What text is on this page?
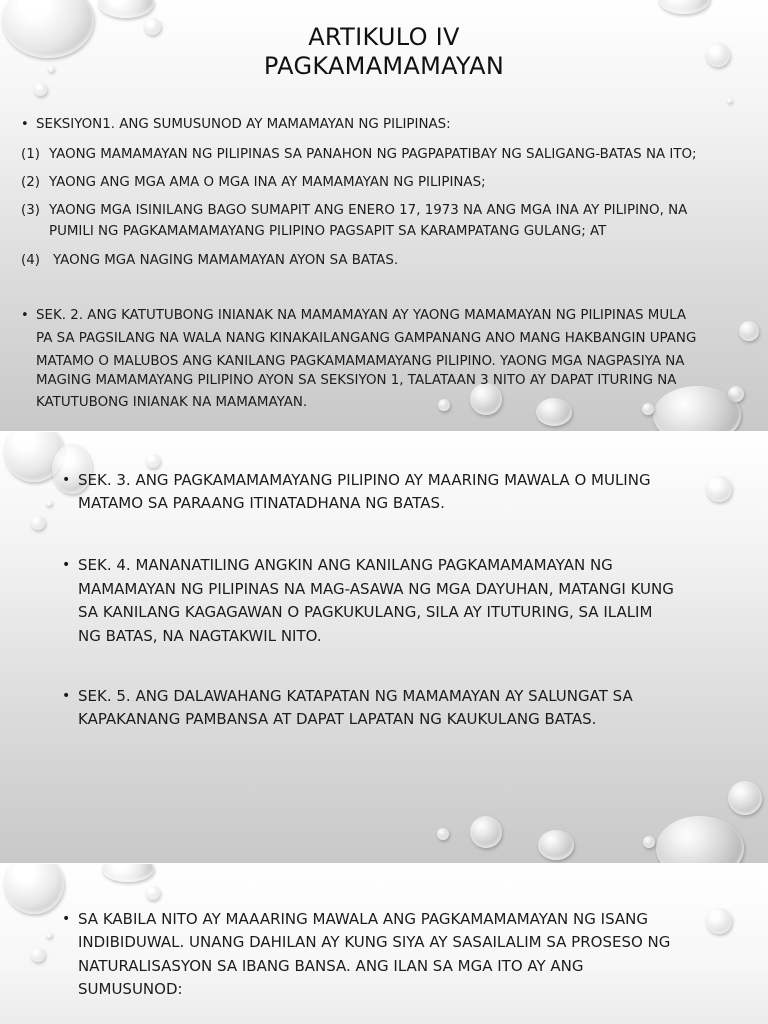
ARTIKULO IV
PAGKAMAMAMAYAN
• SEKSIYON1. ANG SUMUSUNOD AY MAMAMAYAN NG PILIPINAS:
(1) YAONG MAMAMAYAN NG PILIPINAS SA PANAHON NG PAGPAPATIBAY NG SALIGANG-BATAS NA ITO;
(2) YAONG ANG MGA AMA O MGA INA AY MAMAMAYAN NG PILIPINAS;
(3) YAONG MGA ISINILANG BAGO SUMAPIT ANG ENERO 17, 1973 NA ANG MGA INA AY PILIPINO, NA
PUMILI NG PAGKAMAMAMAYANG PILIPINO PAGSAPIT SA KARAMPATANG GULANG; AT
(4) YAONG MGA NAGING MAMAMAYAN AYON SA BATAS.
• SEK. 2. ANG KATUTUBONG INIANAK NA MAMAMAYAN AY YAONG MAMAMAYAN NG PILIPINAS MULA
PA SA PAGSILANG NA WALA NANG KINAKAILANGANG GAMPANANG ANO MANG HAKBANGIN UPANG
MATAMO O MALUBOS ANG KANILANG PAGKAMAMAMAYANG PILIPINO. YAONG MGA NAGPASIYA NA
MAGING MAMAMAYANG PILIPINO AYON SA SEKSIYON 1, TALATAAN 3 NITO AY DAPAT ITURING NA
KATUTUBONG INIANAK NA MAMAMAYAN.
• SEK. 3. ANG PAGKAMAMAMAYANG PILIPINO AY MAARING MAWALA O MULING
MATAMO SA PARAANG ITINATADHANA NG BATAS.
• SEK. 4. MANANATILING ANGKIN ANG KANILANG PAGKAMAMAMAYAN NG
MAMAMAYAN NG PILIPINAS NA MAG-ASAWA NG MGA DAYUHAN, MATANGI KUNG
SA KANILANG KAGAGAWAN O PAGKUKULANG, SILA AY ITUTURING, SA ILALIM
NG BATAS, NA NAGTAKWIL NITO.
• SEK. 5. ANG DALAWAHANG KATAPATAN NG MAMAMAYAN AY SALUNGAT SA
KAPAKANANG PAMBANSA AT DAPAT LAPATAN NG KAUKULANG BATAS.
• SA KABILA NITO AY MAAARING MAWALA ANG PAGKAMAMAMAYAN NG ISANG
INDIBIDUWAL. UNANG DAHILAN AY KUNG SIYA AY SASAILALIM SA PROSESO NG
NATURALISASYON SA IBANG BANSA. ANG ILAN SA MGA ITO AY ANG
SUMUSUNOD:
